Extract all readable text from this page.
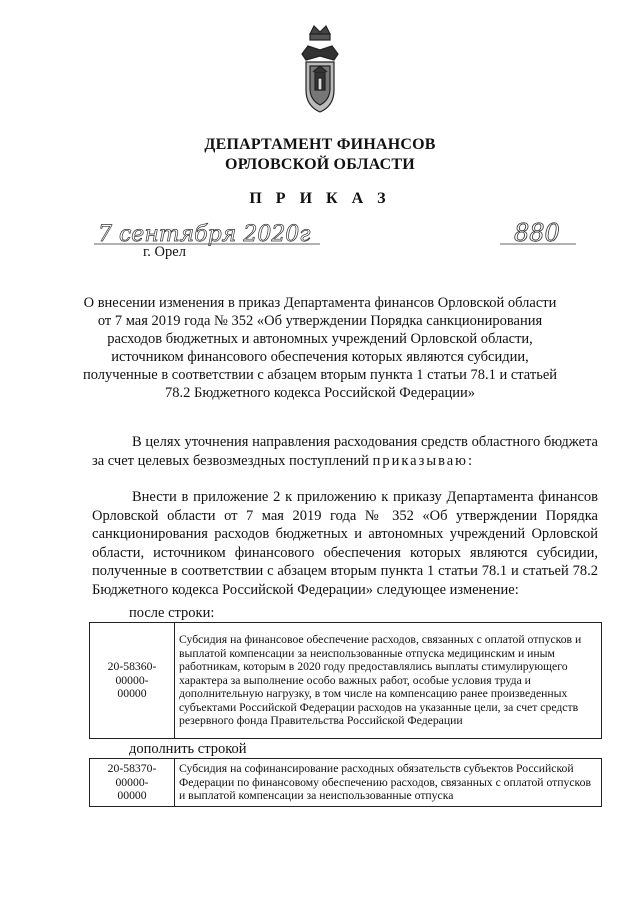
ДЕПАРТАМЕНТ ФИНАНСОВ
ОРЛОВСКОЙ ОБЛАСТИ
П Р И К А З
7 сентября 2020г	880
г. Орел
О внесении изменения в приказ Департамента финансов Орловской области
от 7 мая 2019 года № 352 «Об утверждении Порядка санкционирования
расходов бюджетных и автономных учреждений Орловской области,
источником финансового обеспечения которых являются субсидии,
полученные в соответствии с абзацем вторым пункта 1 статьи 78.1 и статьей
78.2 Бюджетного кодекса Российской Федерации»
В целях уточнения направления расходования средств областного бюджета за счет целевых безвозмездных поступлений приказываю:
Внести в приложение 2 к приложению к приказу Департамента финансов Орловской области от 7 мая 2019 года № 352 «Об утверждении Порядка санкционирования расходов бюджетных и автономных учреждений Орловской области, источником финансового обеспечения которых являются субсидии, полученные в соответствии с абзацем вторым пункта 1 статьи 78.1 и статьей 78.2 Бюджетного кодекса Российской Федерации» следующее изменение:
после строки:
20-58360-
00000-
00000
	Субсидия на финансовое обеспечение расходов, связанных с оплатой отпусков и выплатой компенсации за неиспользованные отпуска медицинским и иным работникам, которым в 2020 году предоставлялись выплаты стимулирующего характера за выполнение особо важных работ, особые условия труда и дополнительную нагрузку, в том числе на компенсацию ранее произведенных субъектами Российской Федерации расходов на указанные цели, за счет средств резервного фонда Правительства Российской Федерации
дополнить строкой
20-58370-
00000-
00000
	Субсидия на софинансирование расходных обязательств субъектов Российской Федерации по финансовому обеспечению расходов, связанных с оплатой отпусков и выплатой компенсации за неиспользованные отпуска
